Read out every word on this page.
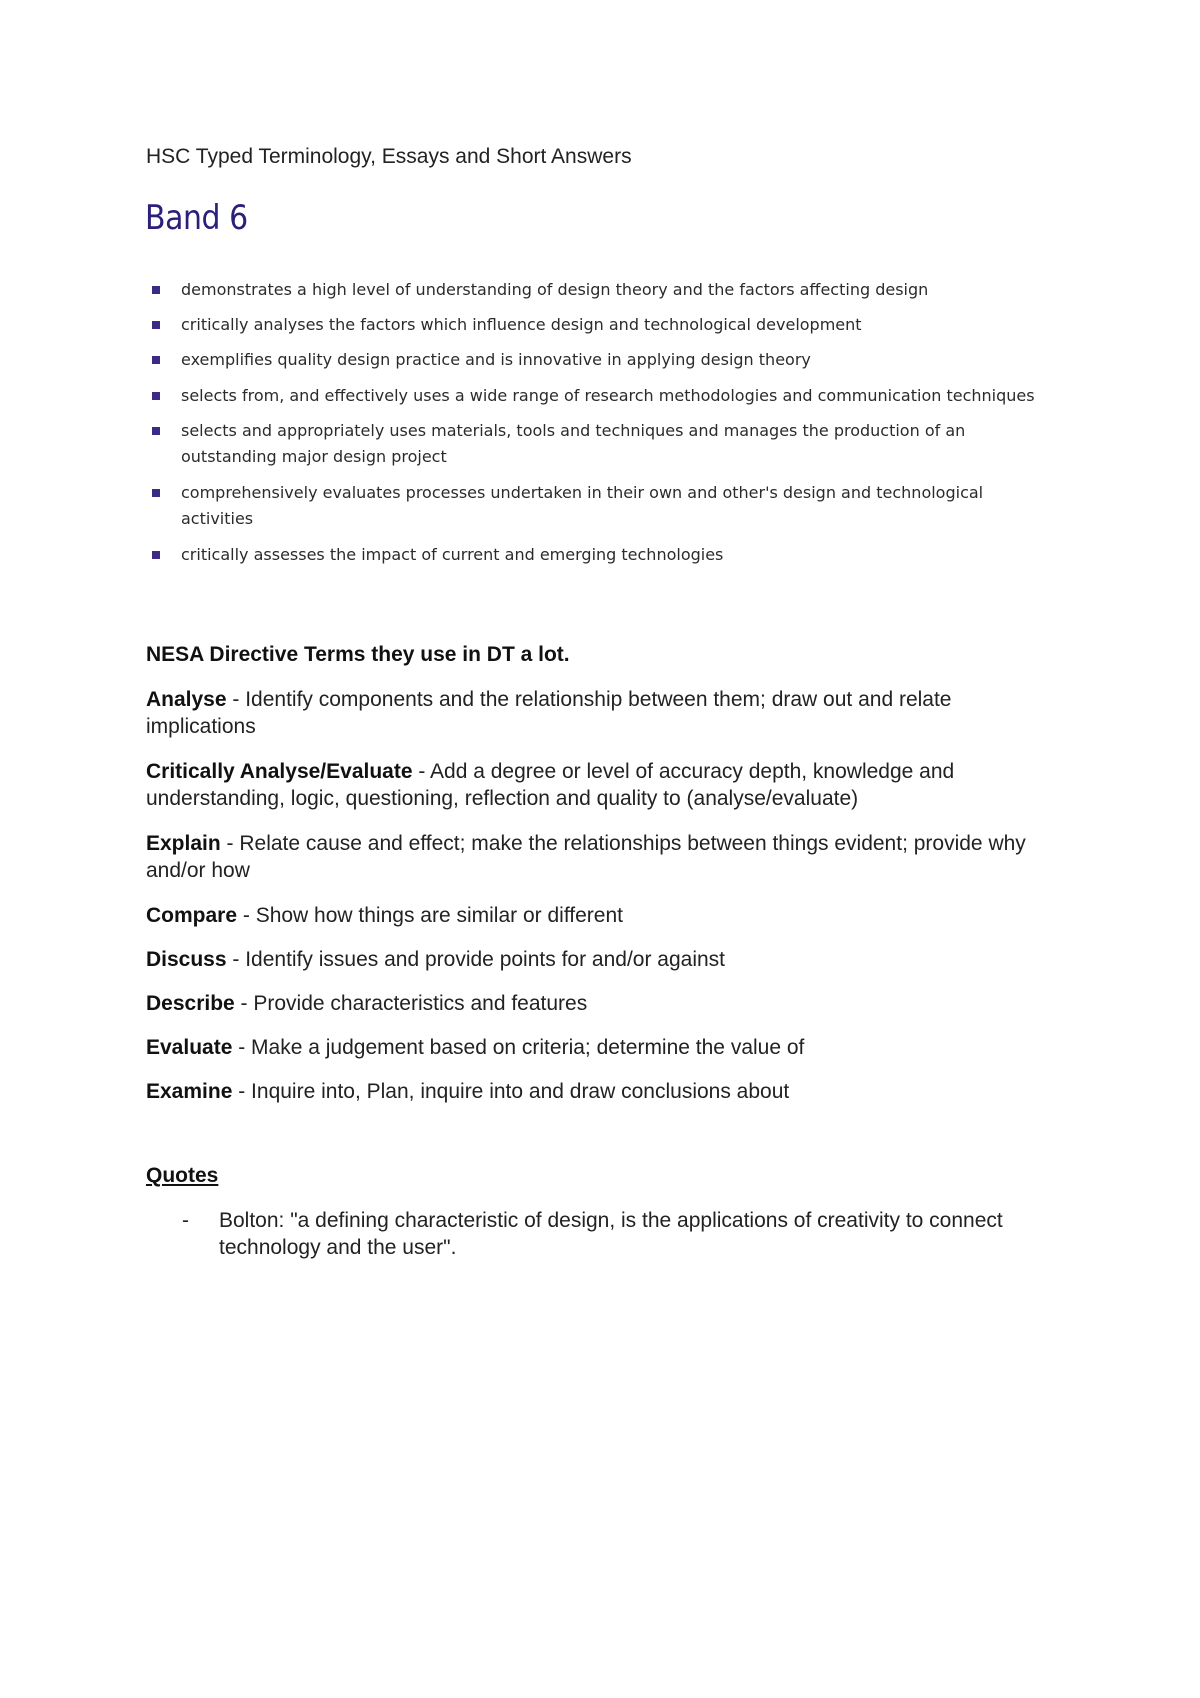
HSC Typed Terminology, Essays and Short Answers
Band 6
demonstrates a high level of understanding of design theory and the factors affecting design
critically analyses the factors which influence design and technological development
exemplifies quality design practice and is innovative in applying design theory
selects from, and effectively uses a wide range of research methodologies and communication techniques
selects and appropriately uses materials, tools and techniques and manages the production of an
outstanding major design project
comprehensively evaluates processes undertaken in their own and other's design and technological
activities
critically assesses the impact of current and emerging technologies
NESA Directive Terms they use in DT a lot.
Analyse - Identify components and the relationship between them; draw out and relate implications
Critically Analyse/Evaluate - Add a degree or level of accuracy depth, knowledge and understanding, logic, questioning, reflection and quality to (analyse/evaluate)
Explain - Relate cause and effect; make the relationships between things evident; provide why and/or how
Compare - Show how things are similar or different
Discuss - Identify issues and provide points for and/or against
Describe - Provide characteristics and features
Evaluate - Make a judgement based on criteria; determine the value of
Examine - Inquire into, Plan, inquire into and draw conclusions about
Quotes
- Bolton: "a defining characteristic of design, is the applications of creativity to connect technology and the user".
